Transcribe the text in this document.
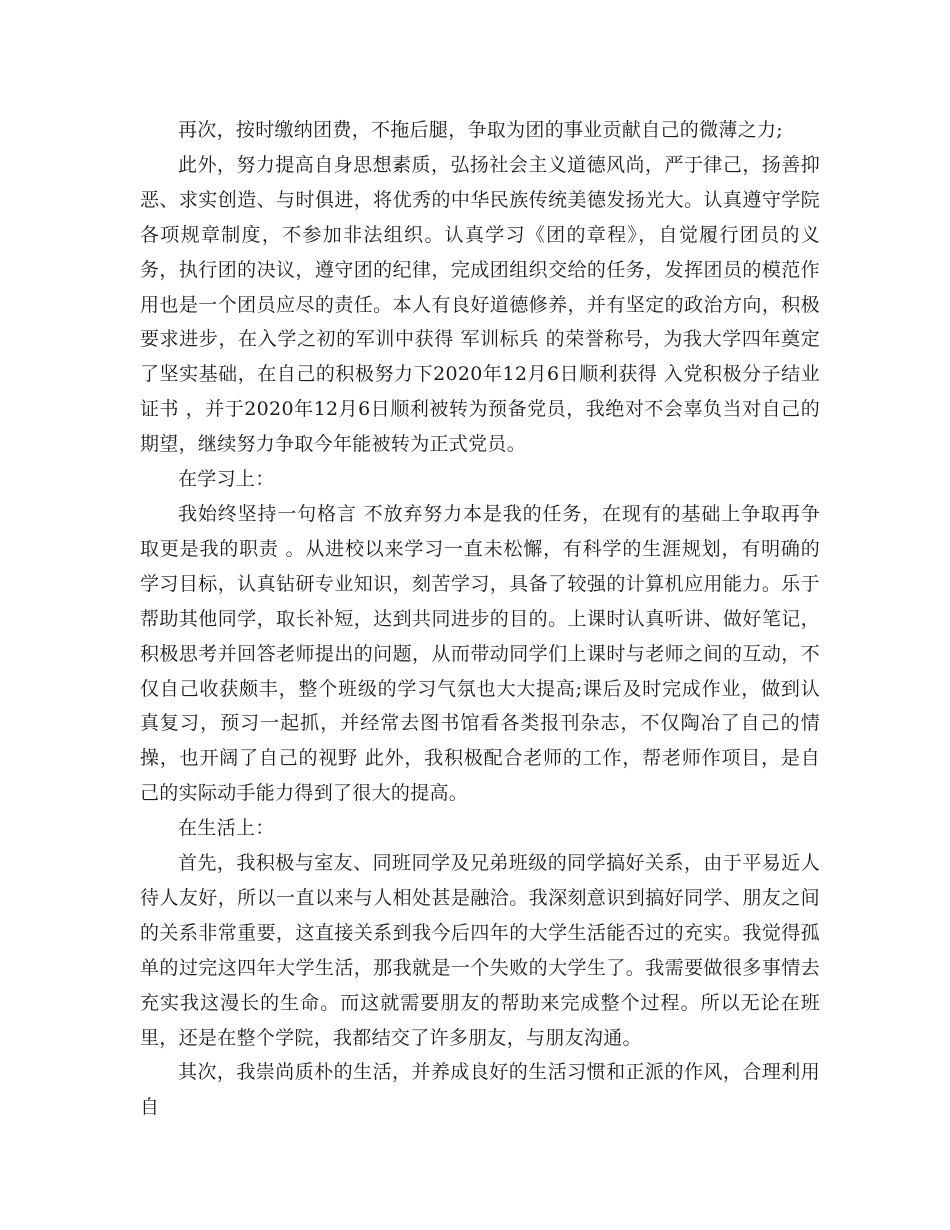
再次，按时缴纳团费，不拖后腿，争取为团的事业贡献自己的微薄之力;

此外，努力提高自身思想素质，弘扬社会主义道德风尚，严于律己，扬善抑恶、求实创造、与时俱进，将优秀的中华民族传统美德发扬光大。认真遵守学院各项规章制度，不参加非法组织。认真学习《团的章程》，自觉履行团员的义务，执行团的决议，遵守团的纪律，完成团组织交给的任务，发挥团员的模范作用也是一个团员应尽的责任。本人有良好道德修养，并有坚定的政治方向，积极要求进步，在入学之初的军训中获得 军训标兵 的荣誉称号，为我大学四年奠定了坚实基础，在自己的积极努力下2020年12月6日顺利获得 入党积极分子结业证书 ，并于2020年12月6日顺利被转为预备党员，我绝对不会辜负当对自己的期望，继续努力争取今年能被转为正式党员。

在学习上：

我始终坚持一句格言 不放弃努力本是我的任务，在现有的基础上争取再争取更是我的职责 。从进校以来学习一直未松懈，有科学的生涯规划，有明确的学习目标，认真钻研专业知识，刻苦学习，具备了较强的计算机应用能力。乐于帮助其他同学，取长补短，达到共同进步的目的。上课时认真听讲、做好笔记，积极思考并回答老师提出的问题，从而带动同学们上课时与老师之间的互动，不仅自己收获颇丰，整个班级的学习气氛也大大提高;课后及时完成作业，做到认真复习，预习一起抓，并经常去图书馆看各类报刊杂志，不仅陶冶了自己的情操，也开阔了自己的视野 此外，我积极配合老师的工作，帮老师作项目，是自己的实际动手能力得到了很大的提高。

在生活上：

首先，我积极与室友、同班同学及兄弟班级的同学搞好关系，由于平易近人待人友好，所以一直以来与人相处甚是融洽。我深刻意识到搞好同学、朋友之间的关系非常重要，这直接关系到我今后四年的大学生活能否过的充实。我觉得孤单的过完这四年大学生活，那我就是一个失败的大学生了。我需要做很多事情去充实我这漫长的生命。而这就需要朋友的帮助来完成整个过程。所以无论在班里，还是在整个学院，我都结交了许多朋友，与朋友沟通。

其次，我崇尚质朴的生活，并养成良好的生活习惯和正派的作风，合理利用自
